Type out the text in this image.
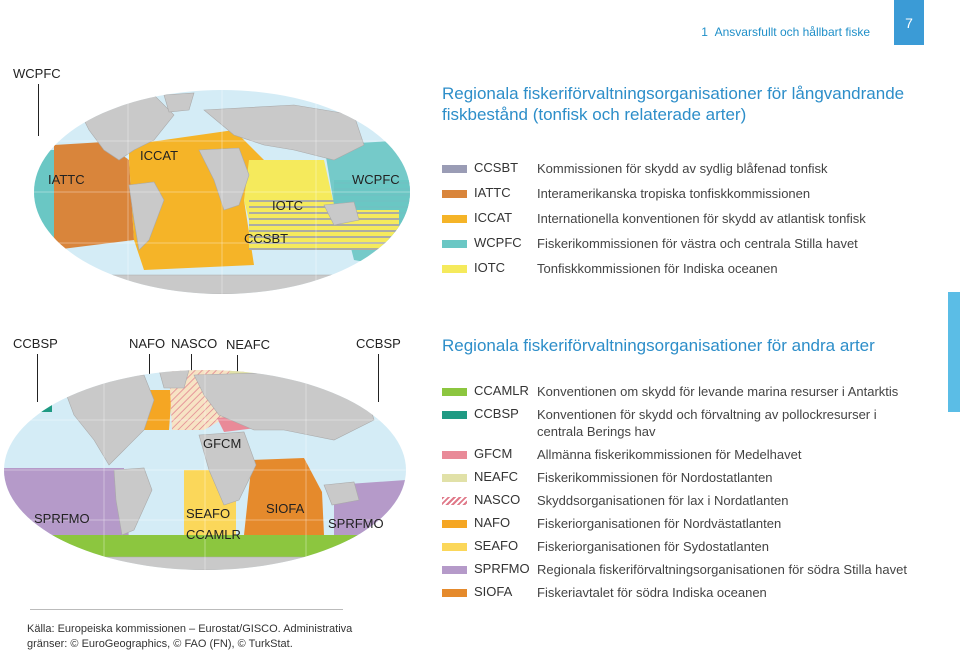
1 Ansvarsfullt och hållbart fiske
7
WCPFC
IATTC
ICCAT
IOTC
CCSBT
WCPFC
Regionala fiskeriförvaltningsorganisationer för långvandrande fiskbestånd (tonfisk och relaterade arter)
CCSBT	Kommissionen för skydd av sydlig blåfenad tonfisk
IATTC	Interamerikanska tropiska tonfiskkommissionen
ICCAT	Internationella konventionen för skydd av atlantisk tonfisk
WCPFC	Fiskerikommissionen för västra och centrala Stilla havet
IOTC	Tonfiskkommissionen för Indiska oceanen
CCBSP	NAFO NASCO NEAFC	CCBSP
GFCM
SPRFMO	SEAFO	SIOFA
SPRFMO
CCAMLR
Regionala fiskeriförvaltningsorganisationer för andra arter
CCAMLR Konventionen om skydd för levande marina resurser i Antarktis
CCBSP	Konventionen för skydd och förvaltning av pollockresurser i centrala Berings hav
GFCM	Allmänna fiskerikommissionen för Medelhavet
NEAFC	Fiskerikommissionen för Nordostatlanten
NASCO	Skyddsorganisationen för lax i Nordatlanten
NAFO	Fiskeriorganisationen för Nordvästatlanten
SEAFO	Fiskeriorganisationen för Sydostatlanten
SPRFMO Regionala fiskeriförvaltningsorganisationen för södra Stilla havet
SIOFA	Fiskeriavtalet för södra Indiska oceanen
Källa: Europeiska kommissionen – Eurostat/GISCO. Administrativa gränser: © EuroGeographics, © FAO (FN), © TurkStat.
